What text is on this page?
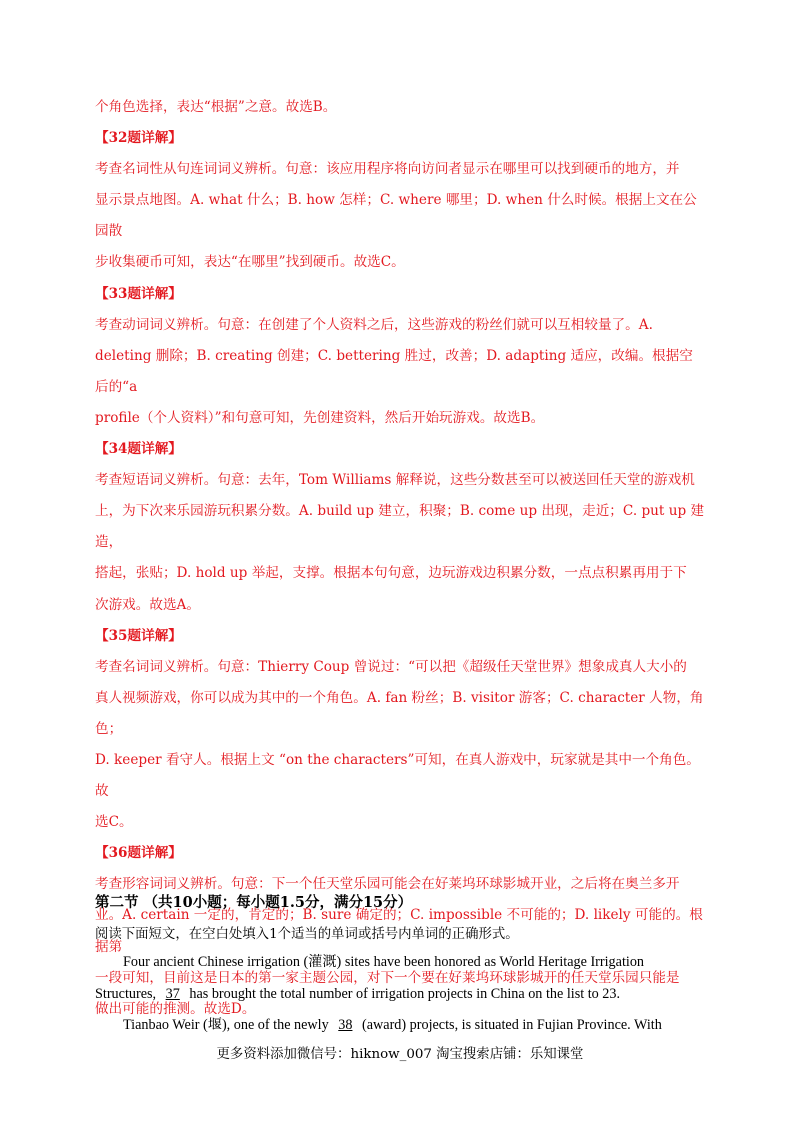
个角色选择，表达“根据”之意。故选B。

【32题详解】

考查名词性从句连词词义辨析。句意：该应用程序将向访问者显示在哪里可以找到硬币的地方，并

显示景点地图。A. what 什么；B. how 怎样；C. where 哪里；D. when 什么时候。根据上文在公园散

步收集硬币可知，表达“在哪里”找到硬币。故选C。

【33题详解】

考查动词词义辨析。句意：在创建了个人资料之后，这些游戏的粉丝们就可以互相较量了。A.

deleting 删除；B. creating 创建；C. bettering 胜过，改善；D. adapting 适应，改编。根据空后的“a

profile（个人资料）”和句意可知，先创建资料，然后开始玩游戏。故选B。

【34题详解】

考查短语词义辨析。句意：去年，Tom Williams 解释说，这些分数甚至可以被送回任天堂的游戏机

上，为下次来乐园游玩积累分数。A. build up 建立，积聚；B. come up 出现，走近；C. put up 建造，

搭起，张贴；D. hold up 举起，支撑。根据本句句意，边玩游戏边积累分数，一点点积累再用于下

次游戏。故选A。

【35题详解】

考查名词词义辨析。句意：Thierry Coup 曾说过：“可以把《超级任天堂世界》想象成真人大小的

真人视频游戏，你可以成为其中的一个角色。A. fan 粉丝；B. visitor 游客；C. character 人物，角色；

D. keeper 看守人。根据上文 “on the characters”可知，在真人游戏中，玩家就是其中一个角色。故

选C。

【36题详解】

考查形容词词义辨析。句意：下一个任天堂乐园可能会在好莱坞环球影城开业，之后将在奥兰多开

业。A. certain 一定的，肯定的；B. sure 确定的；C. impossible 不可能的；D. likely 可能的。根据第

一段可知，目前这是日本的第一家主题公园，对下一个要在好莱坞环球影城开的任天堂乐园只能是

做出可能的推测。故选D。

第二节 （共10小题；每小题1.5分，满分15分）
阅读下面短文，在空白处填入1个适当的单词或括号内单词的正确形式。
Four ancient Chinese irrigation (灌溉) sites have been honored as World Heritage Irrigation
Structures, 37 has brought the total number of irrigation projects in China on the list to 23.
Tianbao Weir (堰), one of the newly 38 (award) projects, is situated in Fujian Province. With
更多资料添加微信号：hiknow_007 淘宝搜索店铺：乐知课堂
